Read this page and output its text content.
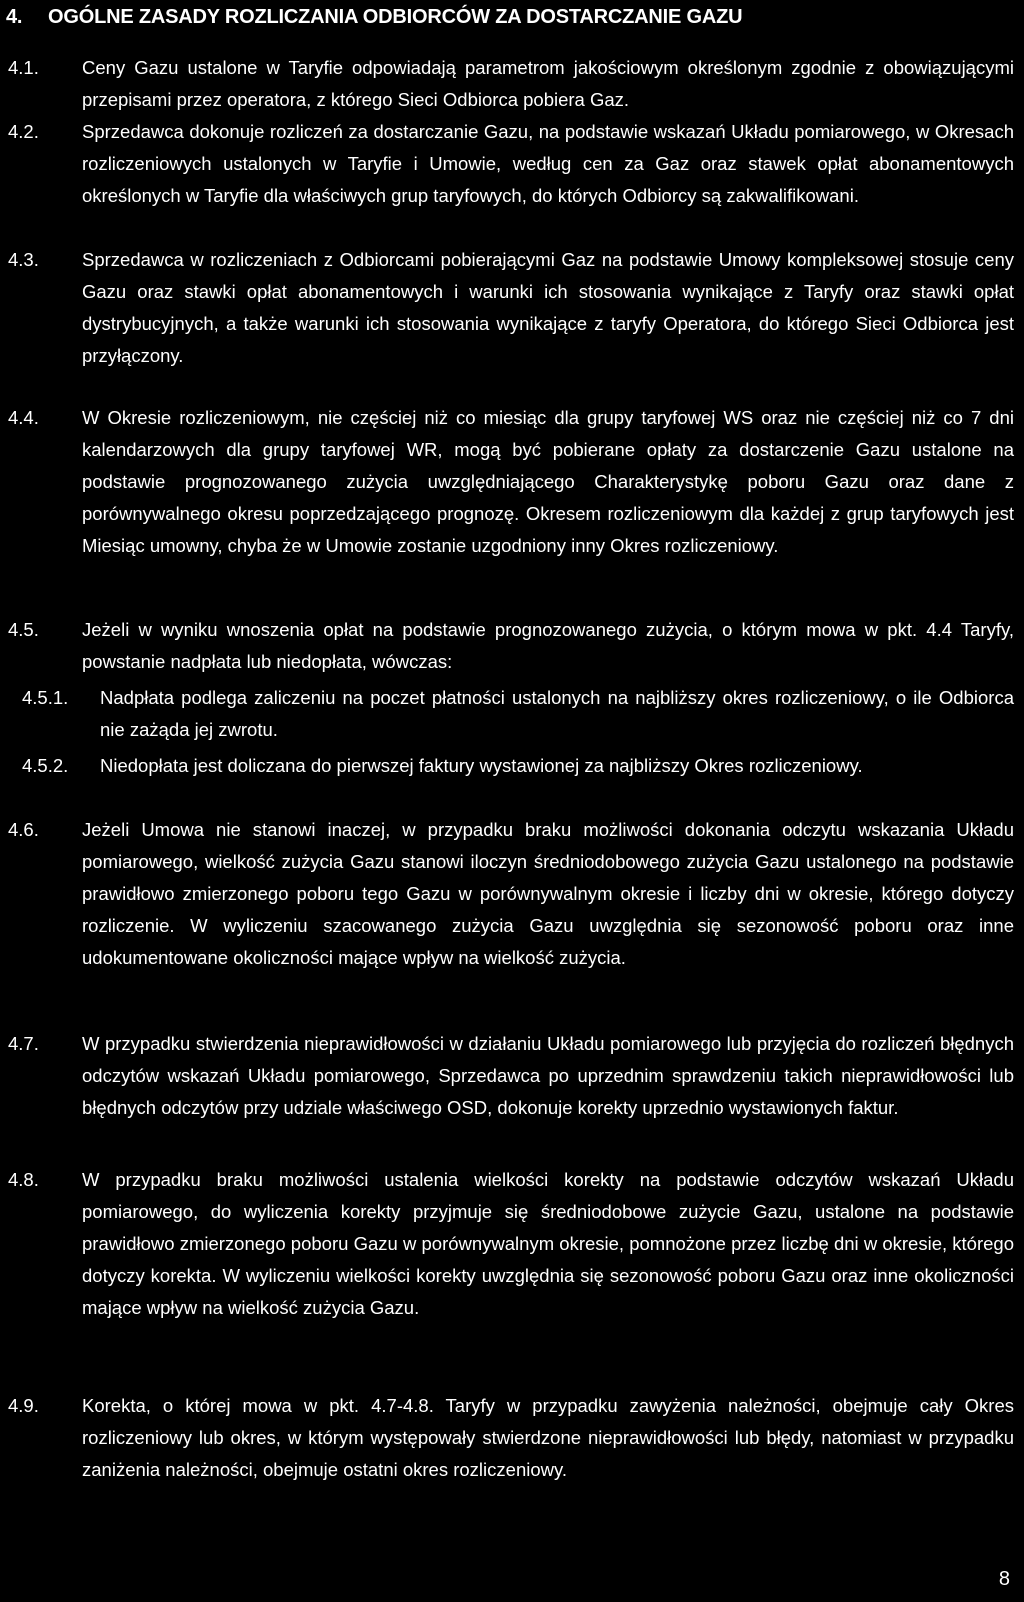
4. OGÓLNE ZASADY ROZLICZANIA ODBIORCÓW ZA DOSTARCZANIE GAZU
4.1. Ceny Gazu ustalone w Taryfie odpowiadają parametrom jakościowym określonym zgodnie z obowiązującymi przepisami przez operatora, z którego Sieci Odbiorca pobiera Gaz.
4.2. Sprzedawca dokonuje rozliczeń za dostarczanie Gazu, na podstawie wskazań Układu pomiarowego, w Okresach rozliczeniowych ustalonych w Taryfie i Umowie, według cen za Gaz oraz stawek opłat abonamentowych określonych w Taryfie dla właściwych grup taryfowych, do których Odbiorcy są zakwalifikowani.
4.3. Sprzedawca w rozliczeniach z Odbiorcami pobierającymi Gaz na podstawie Umowy kompleksowej stosuje ceny Gazu oraz stawki opłat abonamentowych i warunki ich stosowania wynikające z Taryfy oraz stawki opłat dystrybucyjnych, a także warunki ich stosowania wynikające z taryfy Operatora, do którego Sieci Odbiorca jest przyłączony.
4.4. W Okresie rozliczeniowym, nie częściej niż co miesiąc dla grupy taryfowej WS oraz nie częściej niż co 7 dni kalendarzowych dla grupy taryfowej WR, mogą być pobierane opłaty za dostarczenie Gazu ustalone na podstawie prognozowanego zużycia uwzględniającego Charakterystykę poboru Gazu oraz dane z porównywalnego okresu poprzedzającego prognozę. Okresem rozliczeniowym dla każdej z grup taryfowych jest Miesiąc umowny, chyba że w Umowie zostanie uzgodniony inny Okres rozliczeniowy.
4.5. Jeżeli w wyniku wnoszenia opłat na podstawie prognozowanego zużycia, o którym mowa w pkt. 4.4 Taryfy, powstanie nadpłata lub niedopłata, wówczas:
4.5.1. Nadpłata podlega zaliczeniu na poczet płatności ustalonych na najbliższy okres rozliczeniowy, o ile Odbiorca nie zażąda jej zwrotu.
4.5.2. Niedopłata jest doliczana do pierwszej faktury wystawionej za najbliższy Okres rozliczeniowy.
4.6. Jeżeli Umowa nie stanowi inaczej, w przypadku braku możliwości dokonania odczytu wskazania Układu pomiarowego, wielkość zużycia Gazu stanowi iloczyn średniodobowego zużycia Gazu ustalonego na podstawie prawidłowo zmierzonego poboru tego Gazu w porównywalnym okresie i liczby dni w okresie, którego dotyczy rozliczenie. W wyliczeniu szacowanego zużycia Gazu uwzględnia się sezonowość poboru oraz inne udokumentowane okoliczności mające wpływ na wielkość zużycia.
4.7. W przypadku stwierdzenia nieprawidłowości w działaniu Układu pomiarowego lub przyjęcia do rozliczeń błędnych odczytów wskazań Układu pomiarowego, Sprzedawca po uprzednim sprawdzeniu takich nieprawidłowości lub błędnych odczytów przy udziale właściwego OSD, dokonuje korekty uprzednio wystawionych faktur.
4.8. W przypadku braku możliwości ustalenia wielkości korekty na podstawie odczytów wskazań Układu pomiarowego, do wyliczenia korekty przyjmuje się średniodobowe zużycie Gazu, ustalone na podstawie prawidłowo zmierzonego poboru Gazu w porównywalnym okresie, pomnożone przez liczbę dni w okresie, którego dotyczy korekta. W wyliczeniu wielkości korekty uwzględnia się sezonowość poboru Gazu oraz inne okoliczności mające wpływ na wielkość zużycia Gazu.
4.9. Korekta, o której mowa w pkt. 4.7-4.8. Taryfy w przypadku zawyżenia należności, obejmuje cały Okres rozliczeniowy lub okres, w którym występowały stwierdzone nieprawidłowości lub błędy, natomiast w przypadku zaniżenia należności, obejmuje ostatni okres rozliczeniowy.
8
